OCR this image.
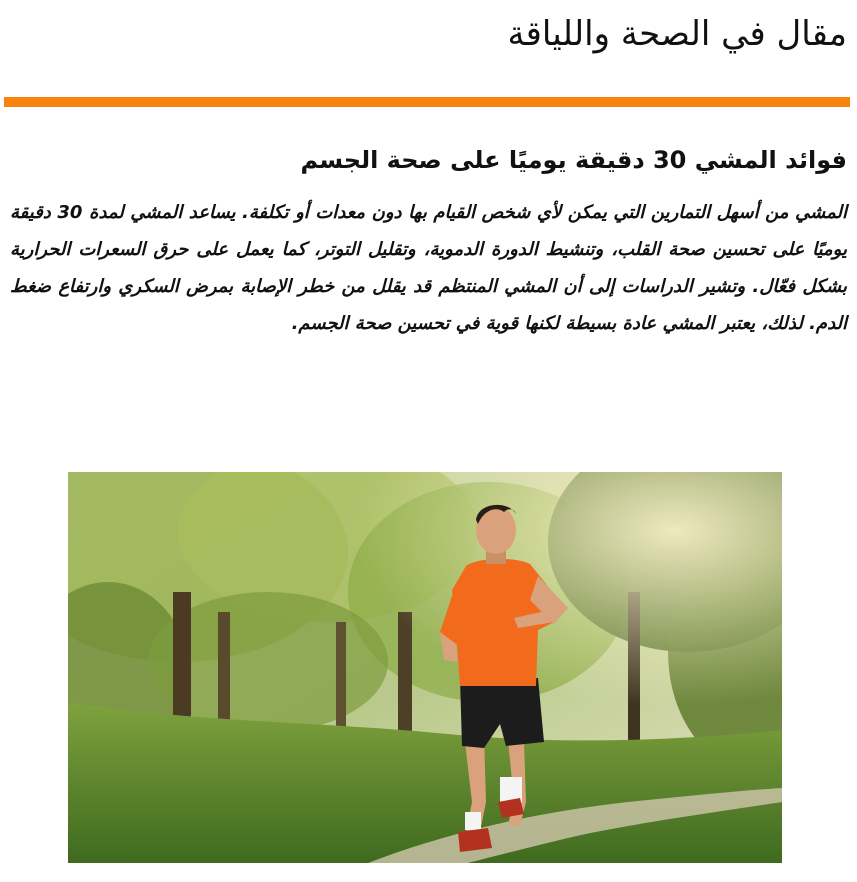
مقال في الصحة واللياقة
فوائد المشي 30 دقيقة يوميًا على صحة الجسم

المشي من أسهل التمارين التي يمكن لأي شخص القيام بها دون معدات أو تكلفة. يساعد المشي لمدة 30 دقيقة يوميًا على تحسين صحة القلب، وتنشيط الدورة الدموية، وتقليل التوتر، كما يعمل على حرق السعرات الحرارية بشكل فعّال. وتشير الدراسات إلى أن المشي المنتظم قد يقلل من خطر الإصابة بمرض السكري وارتفاع ضغط الدم. لذلك، يعتبر المشي عادة بسيطة لكنها قوية في تحسين صحة الجسم.
